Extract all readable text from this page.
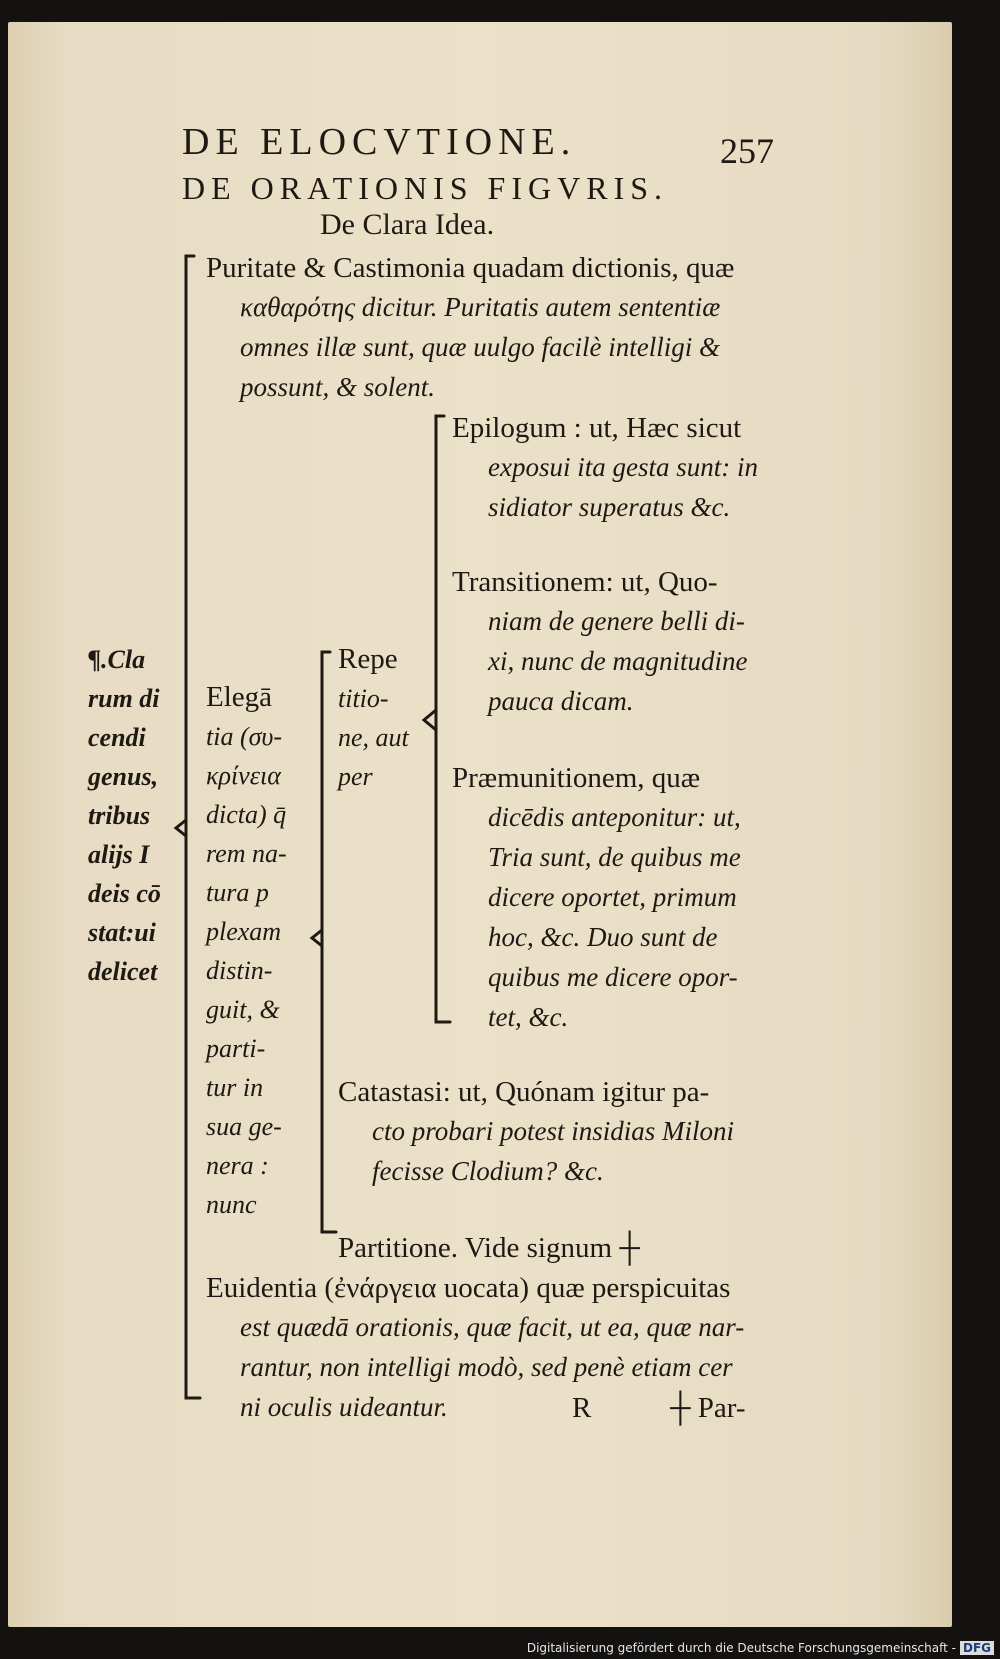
DE ELOCVTIONE.	257
DE ORATIONIS FIGVRIS.
De Clara Idea.
Puritate & Castimonia quadam dictionis, quæ
καθαρότης dicitur. Puritatis autem sententiæ
omnes illæ sunt, quæ uulgo facilè intelligi &
possunt, & solent.
Epilogum : ut, Hæc sicut
exposui ita gesta sunt: in
sidiator superatus &c.
Transitionem: ut, Quo-
niam de genere belli di-
xi, nunc de magnitudine
pauca dicam.
¶.Cla
rum di
cendi
genus,
tribus
alijs I
deis cō
stat:ui
delicet
Elegā
tia (συ-
κρίνεια
dicta) q̄
rem na-
tura p
plexam
distin-
guit, &
parti-
tur in
sua ge-
nera :
nunc
Repe
titio-
ne, aut
per	Præmunitionem, quæ
dicēdis anteponitur: ut,
Tria sunt, de quibus me
dicere oportet, primum
hoc, &c. Duo sunt de
quibus me dicere opor-
tet, &c.
Catastasi: ut, Quónam igitur pa-
cto probari potest insidias Miloni
fecisse Clodium? &c.
Partitione. Vide signum ┼
Euidentia (ἐνάργεια uocata) quæ perspicuitas
est quædā orationis, quæ facit, ut ea, quæ nar-
rantur, non intelligi modò, sed penè etiam cer
ni oculis uideantur.	R	┼ Par-
Digitalisierung gefördert durch die Deutsche Forschungsgemeinschaft - DFG
